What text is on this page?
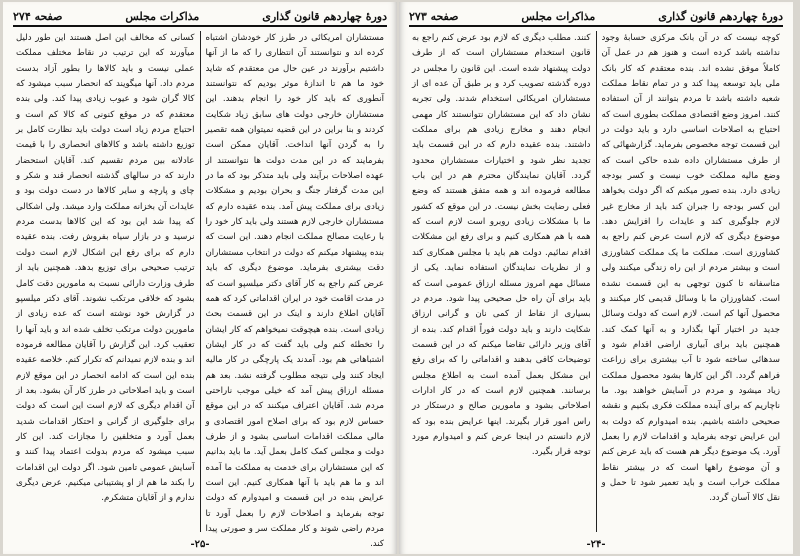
دورهٔ چهاردهم قانون گذاری
مذاکرات مجلس
صفحه ۲۷۴

مستشاران امریکائی در طرز کار خودشان اشتباه کرده اند و نتوانستند آن انتظاری را که ما از آنها داشتیم برآورند در عین حال من معتقدم که شاید خود ما هم تا اندازهٔ موثر بودیم که نتوانستند آنطوری که باید کار خود را انجام بدهند. این مستشاران خارجی دولت های سابق زیاد شکایت کردند و بنا براین در این قضیه نمیتوان همه تقصیر را به گردن آنها انداخت. آقایان ممکن است بفرمایند که در این مدت دولت ها نتوانستند از عهده اصلاحات برآیند ولی باید متذکر بود که ما در این مدت گرفتار جنگ و بحران بودیم و مشکلات زیادی برای مملکت پیش آمد. بنده عقیده دارم که مستشاران خارجی لازم هستند ولی باید کار خود را با رعایت مصالح مملکت انجام دهند. این است که بنده پیشنهاد میکنم که دولت در انتخاب مستشاران دقت بیشتری بفرماید. موضوع دیگری که باید عرض کنم راجع به کار آقای دکتر میلسپو است که در مدت اقامت خود در ایران اقداماتی کرد که همه آقایان اطلاع دارند و اینک در این قسمت بحث زیادی است. بنده هیچوقت نمیخواهم که کار ایشان را تخطئه کنم ولی باید گفت که در کار ایشان اشتباهاتی هم بود. آمدند یک پارچگی در کار مالیه ایجاد کنند ولی نتیجه مطلوب گرفته نشد. بعد هم مسئله ارزاق پیش آمد که خیلی موجب ناراحتی مردم شد. آقایان اعتراف میکنند که در این موقع حساس لازم بود که برای اصلاح امور اقتصادی و مالی مملکت اقدامات اساسی بشود و از طرف دولت و مجلس کمک کامل بعمل آید. ما باید بدانیم که این مستشاران برای خدمت به مملکت ما آمده اند و ما هم باید با آنها همکاری کنیم. این است عرایض بنده در این قسمت و امیدوارم که دولت توجه بفرماید و اصلاحات لازم را بعمل آورد تا مردم راضی شوند و کار مملکت سر و صورتی پیدا کند.

کسانی که مخالف این اصل هستند این طور دلیل میآورند که این ترتیب در نقاط مختلف مملکت عملی نیست و باید کالاها را بطور آزاد بدست مردم داد. آنها میگویند که انحصار سبب میشود که کالا گران شود و عیوب زیادی پیدا کند. ولی بنده معتقدم که در موقع کنونی که کالا کم است و احتیاج مردم زیاد است دولت باید نظارت کامل بر توزیع داشته باشد و کالاهای انحصاری را با قیمت عادلانه بین مردم تقسیم کند. آقایان استحضار دارند که در سالهای گذشته انحصار قند و شکر و چای و پارچه و سایر کالاها در دست دولت بود و عایدات آن بخزانه مملکت وارد میشد. ولی اشکالی که پیدا شد این بود که این کالاها بدست مردم نرسید و در بازار سیاه بفروش رفت. بنده عقیده دارم که برای رفع این اشکال لازم است دولت ترتیب صحیحی برای توزیع بدهد. همچنین باید از طرف وزارت دارائی نسبت به مامورین دقت کامل بشود که خلافی مرتکب نشوند. آقای دکتر میلسپو در گزارش خود نوشته است که عده زیادی از مامورین دولت مرتکب تخلف شده اند و باید آنها را تعقیب کرد. این گزارش را آقایان مطالعه فرموده اند و بنده لازم نمیدانم که تکرار کنم. خلاصه عقیده بنده این است که ادامه انحصار در این موقع لازم است و باید اصلاحاتی در طرز کار آن بشود. بعد از آن اقدام دیگری که لازم است این است که دولت برای جلوگیری از گرانی و احتکار اقدامات شدید بعمل آورد و متخلفین را مجازات کند. این کار سبب میشود که مردم بدولت اعتماد پیدا کنند و آسایش عمومی تامین شود. اگر دولت این اقدامات را بکند ما هم از او پشتیبانی میکنیم. عرض دیگری ندارم و از آقایان متشکرم.

-۲۵-
دورهٔ چهاردهم قانون گذاری
مذاکرات مجلس
صفحه ۲۷۳

کوچه نیست که در آن بانک مرکزی حسابهٔ وجود نداشته باشد کرده است و هنوز هم در عمل آن کاملاً موفق نشده اند. بنده معتقدم که کار بانک ملی باید توسعه پیدا کند و در تمام نقاط مملکت شعبه داشته باشد تا مردم بتوانند از آن استفاده کنند. امروز وضع اقتصادی مملکت بطوری است که احتیاج به اصلاحات اساسی دارد و باید دولت در این قسمت توجه مخصوص بفرماید. گزارشهائی که از طرف مستشاران داده شده حاکی است که وضع مالیه مملکت خوب نیست و کسر بودجه زیادی دارد. بنده تصور میکنم که اگر دولت بخواهد این کسر بودجه را جبران کند باید از مخارج غیر لازم جلوگیری کند و عایدات را افزایش دهد. موضوع دیگری که لازم است عرض کنم راجع به کشاورزی است. مملکت ما یک مملکت کشاورزی است و بیشتر مردم از این راه زندگی میکنند ولی متاسفانه تا کنون توجهی به این قسمت نشده است. کشاورزان ما با وسائل قدیمی کار میکنند و محصول آنها کم است. لازم است که دولت وسائل جدید در اختیار آنها بگذارد و به آنها کمک کند. همچنین باید برای آبیاری اراضی اقدام شود و سدهائی ساخته شود تا آب بیشتری برای زراعت فراهم گردد. اگر این کارها بشود محصول مملکت زیاد میشود و مردم در آسایش خواهند بود. ما ناچاریم که برای آینده مملکت فکری بکنیم و نقشه صحیحی داشته باشیم. بنده امیدوارم که دولت به این عرایض توجه بفرماید و اقدامات لازم را بعمل آورد. یک موضوع دیگر هم هست که باید عرض کنم و آن موضوع راهها است که در بیشتر نقاط مملکت خراب است و باید تعمیر شود تا حمل و نقل کالا آسان گردد.

کنند. مطلب دیگری که لازم بود عرض کنم راجع به قانون استخدام مستشاران است که از طرف دولت پیشنهاد شده است. این قانون را مجلس در دوره گذشته تصویب کرد و بر طبق آن عده ای از مستشاران امریکائی استخدام شدند. ولی تجربه نشان داد که این مستشاران نتوانستند کار مهمی انجام دهند و مخارج زیادی هم برای مملکت داشتند. بنده عقیده دارم که در این قسمت باید تجدید نظر شود و اختیارات مستشاران محدود گردد. آقایان نمایندگان محترم هم در این باب مطالعه فرموده اند و همه متفق هستند که وضع فعلی رضایت بخش نیست. در این موقع که کشور ما با مشکلات زیادی روبرو است لازم است که همه با هم همکاری کنیم و برای رفع این مشکلات اقدام نمائیم. دولت هم باید با مجلس همکاری کند و از نظریات نمایندگان استفاده نماید. یکی از مسائل مهم امروز مسئله ارزاق عمومی است که باید برای آن راه حل صحیحی پیدا شود. مردم در بسیاری از نقاط از کمی نان و گرانی ارزاق شکایت دارند و باید دولت فوراً اقدام کند. بنده از آقای وزیر دارائی تقاضا میکنم که در این قسمت توضیحات کافی بدهند و اقداماتی را که برای رفع این مشکل بعمل آمده است به اطلاع مجلس برسانند. همچنین لازم است که در کار ادارات اصلاحاتی بشود و مامورین صالح و درستکار در راس امور قرار بگیرند. اینها عرایض بنده بود که لازم دانستم در اینجا عرض کنم و امیدوارم مورد توجه قرار بگیرد.

-۲۴-
